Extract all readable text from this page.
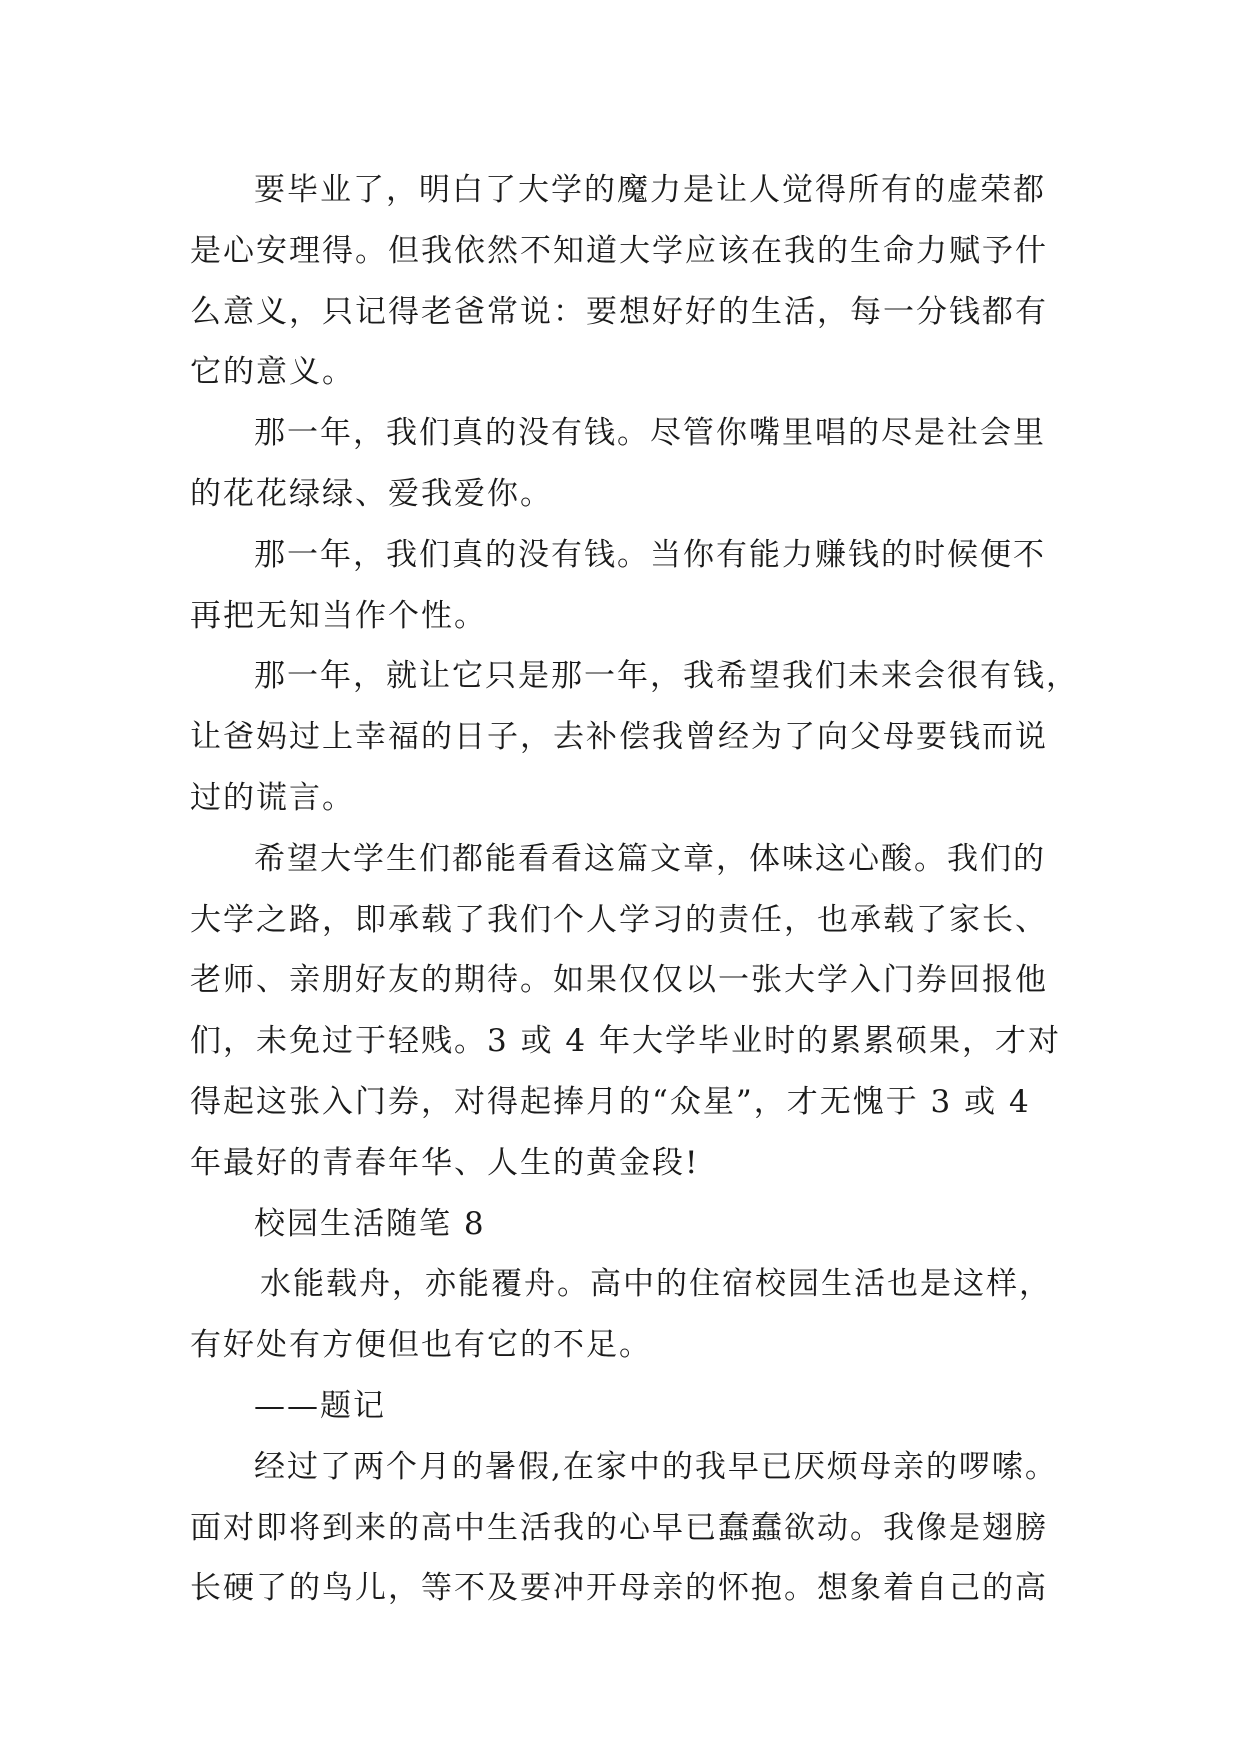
要毕业了，明白了大学的魔力是让人觉得所有的虚荣都
是心安理得。但我依然不知道大学应该在我的生命力赋予什
么意义，只记得老爸常说：要想好好的生活，每一分钱都有
它的意义。
那一年，我们真的没有钱。尽管你嘴里唱的尽是社会里
的花花绿绿、爱我爱你。
那一年，我们真的没有钱。当你有能力赚钱的时候便不
再把无知当作个性。
那一年，就让它只是那一年，我希望我们未来会很有钱，
让爸妈过上幸福的日子，去补偿我曾经为了向父母要钱而说
过的谎言。
希望大学生们都能看看这篇文章，体味这心酸。我们的
大学之路，即承载了我们个人学习的责任，也承载了家长、
老师、亲朋好友的期待。如果仅仅以一张大学入门券回报他
们，未免过于轻贱。3 或 4 年大学毕业时的累累硕果，才对
得起这张入门券，对得起捧月的“众星”，才无愧于 3 或 4
年最好的青春年华、人生的黄金段!
校园生活随笔 8
水能载舟，亦能覆舟。高中的住宿校园生活也是这样，
有好处有方便但也有它的不足。
——题记
经过了两个月的暑假,在家中的我早已厌烦母亲的啰嗦。
面对即将到来的高中生活我的心早已蠢蠢欲动。我像是翅膀
长硬了的鸟儿，等不及要冲开母亲的怀抱。想象着自己的高
